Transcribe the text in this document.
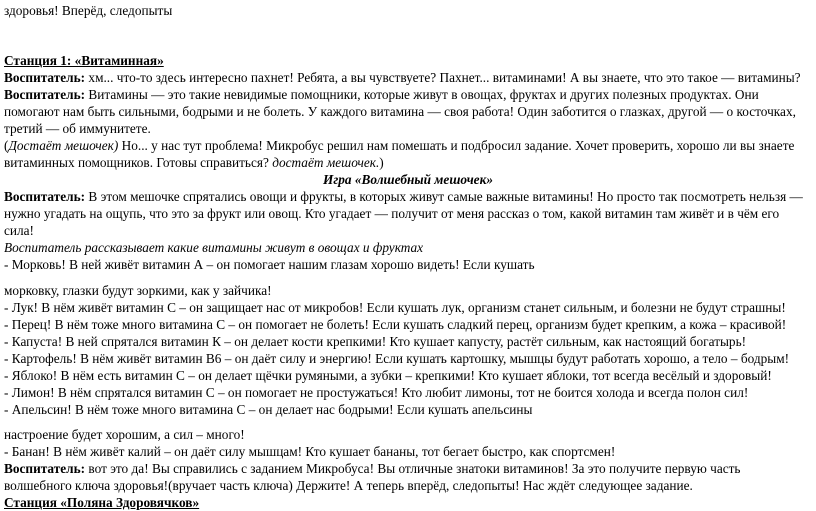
здоровья! Вперёд, следопыты
Станция 1: «Витаминная»
Воспитатель: хм... что-то здесь интересно пахнет! Ребята, а вы чувствуете? Пахнет... витаминами! А вы знаете, что это такое — витамины?
Воспитатель: Витамины — это такие невидимые помощники, которые живут в овощах, фруктах и других полезных продуктах. Они
помогают нам быть сильными, бодрыми и не болеть. У каждого витамина — своя работа! Один заботится о глазках, другой — о косточках,
третий — об иммунитете.
(Достаёт мешочек) Но... у нас тут проблема! Микробус решил нам помешать и подбросил задание. Хочет проверить, хорошо ли вы знаете
витаминных помощников. Готовы справиться? достаёт мешочек.)
Игра «Волшебный мешочек»
Воспитатель: В этом мешочке спрятались овощи и фрукты, в которых живут самые важные витамины! Но просто так посмотреть нельзя —
нужно угадать на ощупь, что это за фрукт или овощ. Кто угадает — получит от меня рассказ о том, какой витамин там живёт и в чём его
сила!
Воспитатель рассказывает какие витамины живут в овощах и фруктах
- Морковь! В ней живёт витамин А – он помогает нашим глазам хорошо видеть! Если кушать
морковку, глазки будут зоркими, как у зайчика!
- Лук! В нём живёт витамин С – он защищает нас от микробов! Если кушать лук, организм станет сильным, и болезни не будут страшны!
- Перец! В нём тоже много витамина С – он помогает не болеть! Если кушать сладкий перец, организм будет крепким, а кожа – красивой!
- Капуста! В ней спрятался витамин К – он делает кости крепкими! Кто кушает капусту, растёт сильным, как настоящий богатырь!
- Картофель! В нём живёт витамин В6 – он даёт силу и энергию! Если кушать картошку, мышцы будут работать хорошо, а тело – бодрым!
- Яблоко! В нём есть витамин С – он делает щёчки румяными, а зубки – крепкими! Кто кушает яблоки, тот всегда весёлый и здоровый!
- Лимон! В нём спрятался витамин С – он помогает не простужаться! Кто любит лимоны, тот не боится холода и всегда полон сил!
- Апельсин! В нём тоже много витамина С – он делает нас бодрыми! Если кушать апельсины
настроение будет хорошим, а сил – много!
- Банан! В нём живёт калий – он даёт силу мышцам! Кто кушает бананы, тот бегает быстро, как спортсмен!
Воспитатель: вот это да! Вы справились с заданием Микробуса! Вы отличные знатоки витаминов! За это получите первую часть
волшебного ключа здоровья!(вручает часть ключа) Держите! А теперь вперёд, следопыты! Нас ждёт следующее задание.
Станция «Поляна Здоровячков»
